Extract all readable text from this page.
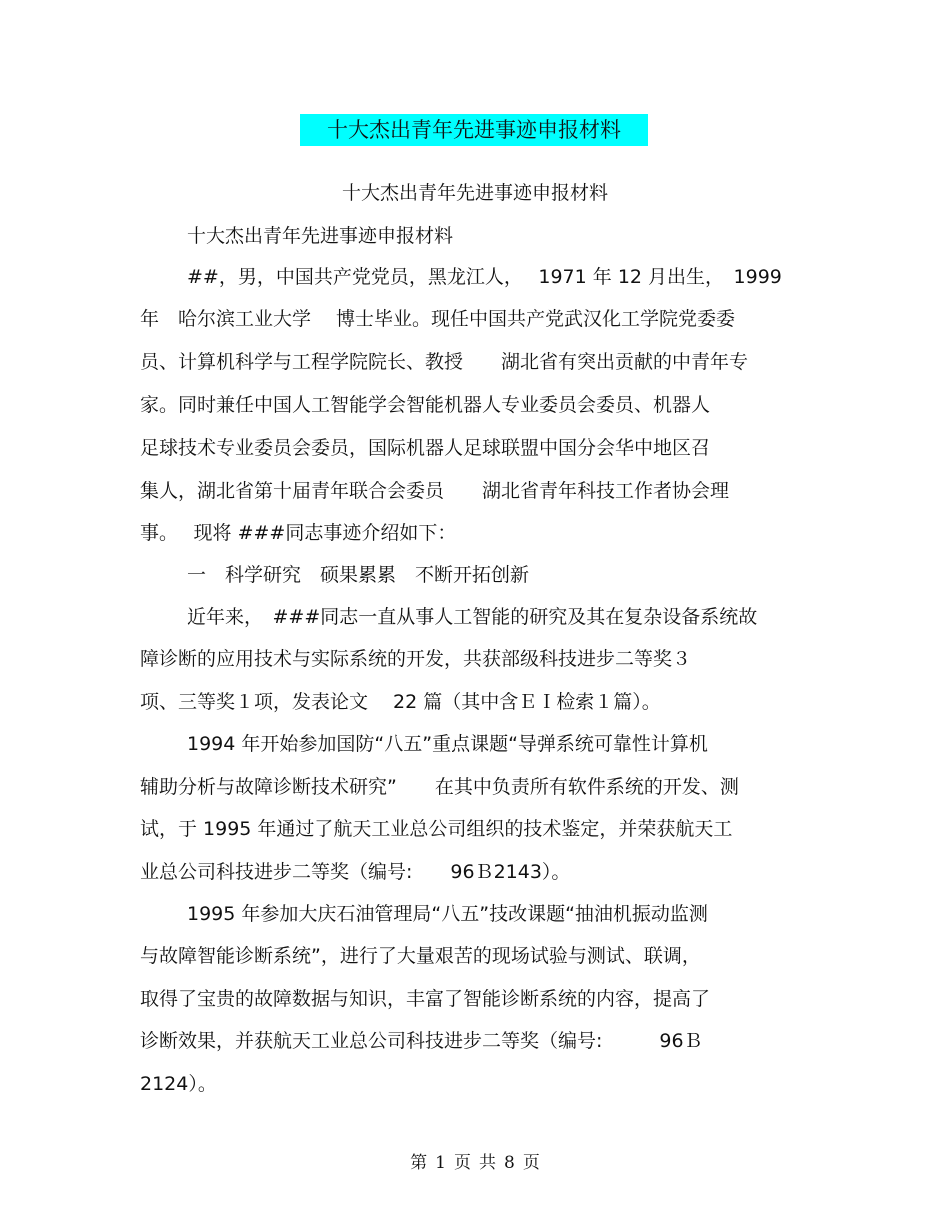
十大杰出青年先进事迹申报材料
十大杰出青年先进事迹申报材料
十大杰出青年先进事迹申报材料
##，男，中国共产党党员，黑龙江人，　 1971 年 12 月出生，　1999
年　哈尔滨工业大学　 博士毕业。现任中国共产党武汉化工学院党委委
员、计算机科学与工程学院院长、教授　　湖北省有突出贡献的中青年专
家。同时兼任中国人工智能学会智能机器人专业委员会委员、机器人
足球技术专业委员会委员，国际机器人足球联盟中国分会华中地区召
集人，湖北省第十届青年联合会委员　　湖北省青年科技工作者协会理
事。　 现将 ###同志事迹介绍如下：
一　科学研究　硕果累累　不断开拓创新
近年来，　###同志一直从事人工智能的研究及其在复杂设备系统故
障诊断的应用技术与实际系统的开发，共获部级科技进步二等奖３
项、三等奖１项，发表论文　 22 篇（其中含ＥＩ检索１篇）。
1994 年开始参加国防“八五”重点课题“导弹系统可靠性计算机
辅助分析与故障诊断技术研究”　　在其中负责所有软件系统的开发、测
试，于 1995 年通过了航天工业总公司组织的技术鉴定，并荣获航天工
业总公司科技进步二等奖（编号:　　96Ｂ2143）。
1995 年参加大庆石油管理局“八五”技改课题“抽油机振动监测
与故障智能诊断系统”，进行了大量艰苦的现场试验与测试、联调，
取得了宝贵的故障数据与知识，丰富了智能诊断系统的内容，提高了
诊断效果，并获航天工业总公司科技进步二等奖（编号:　　　96Ｂ
2124）。
第 1 页 共 8 页
